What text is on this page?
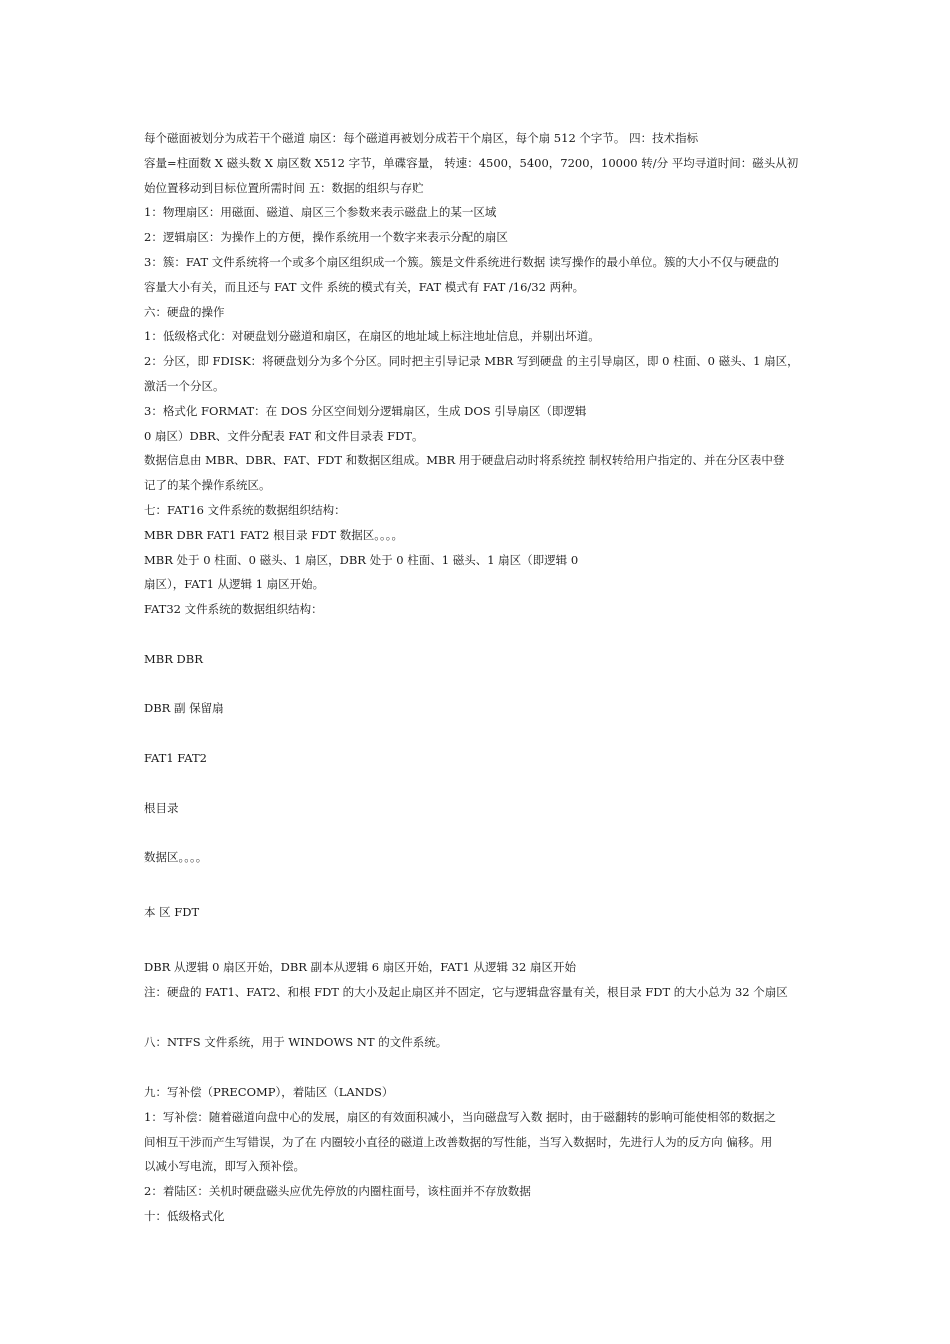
每个磁面被划分为成若干个磁道 扇区：每个磁道再被划分成若干个扇区，每个扇 512 个字节。 四：技术指标
容量=柱面数 X 磁头数 X 扇区数 X512 字节，单碟容量， 转速：4500，5400，7200，10000 转/分 平均寻道时间：磁头从初
始位置移动到目标位置所需时间 五：数据的组织与存贮
1：物理扇区：用磁面、磁道、扇区三个参数来表示磁盘上的某一区域
2：逻辑扇区：为操作上的方便，操作系统用一个数字来表示分配的扇区
3：簇：FAT 文件系统将一个或多个扇区组织成一个簇。簇是文件系统进行数据 读写操作的最小单位。簇的大小不仅与硬盘的
容量大小有关，而且还与 FAT 文件 系统的模式有关，FAT 模式有 FAT /16/32 两种。
六：硬盘的操作
1：低级格式化：对硬盘划分磁道和扇区，在扇区的地址域上标注地址信息，并剔出坏道。
2：分区，即 FDISK：将硬盘划分为多个分区。同时把主引导记录 MBR 写到硬盘 的主引导扇区，即 0 柱面、0 磁头、1 扇区，
激活一个分区。
3：格式化 FORMAT：在 DOS 分区空间划分逻辑扇区，生成 DOS 引导扇区（即逻辑
0 扇区）DBR、文件分配表 FAT 和文件目录表 FDT。
数据信息由 MBR、DBR、FAT、FDT 和数据区组成。MBR 用于硬盘启动时将系统控 制权转给用户指定的、并在分区表中登
记了的某个操作系统区。
七：FAT16 文件系统的数据组织结构：
MBR DBR FAT1 FAT2 根目录 FDT 数据区。。。。
MBR 处于 0 柱面、0 磁头、1 扇区，DBR 处于 0 柱面、1 磁头、1 扇区（即逻辑 0
扇区），FAT1 从逻辑 1 扇区开始。
FAT32 文件系统的数据组织结构：
MBR DBR
DBR 副 保留扇
FAT1 FAT2
根目录
数据区。。。。
本 区 FDT
DBR 从逻辑 0 扇区开始，DBR 副本从逻辑 6 扇区开始，FAT1 从逻辑 32 扇区开始
注：硬盘的 FAT1、FAT2、和根 FDT 的大小及起止扇区并不固定，它与逻辑盘容量有关，根目录 FDT 的大小总为 32 个扇区
八：NTFS 文件系统，用于 WINDOWS NT 的文件系统。
九：写补偿（PRECOMP），着陆区（LANDS）
1：写补偿：随着磁道向盘中心的发展，扇区的有效面积减小，当向磁盘写入数 据时，由于磁翻转的影响可能使相邻的数据之
间相互干涉而产生写错误，为了在 内圈较小直径的磁道上改善数据的写性能，当写入数据时，先进行人为的反方向 偏移。用
以减小写电流，即写入预补偿。
2：着陆区：关机时硬盘磁头应优先停放的内圈柱面号，该柱面并不存放数据
十：低级格式化
